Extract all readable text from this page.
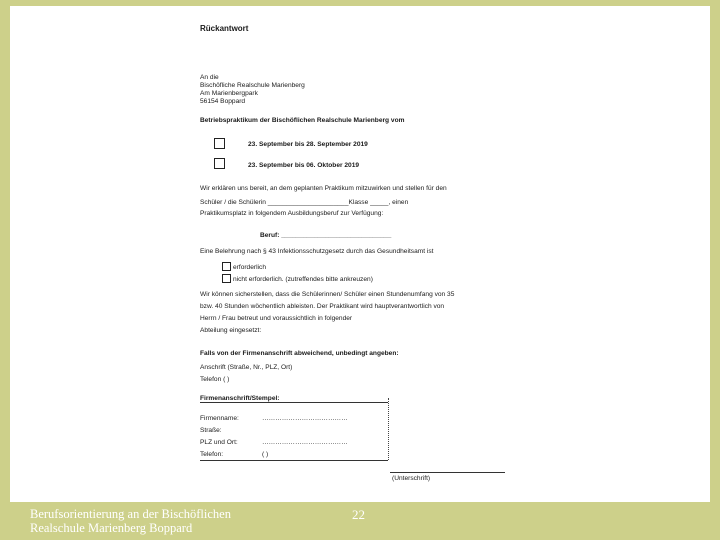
Rückantwort
An die
Bischöfliche Realschule Marienberg
Am Marienbergpark
56154 Boppard
Betriebspraktikum der Bischöflichen Realschule Marienberg vom
23. September bis 28. September 2019
23. September bis 06. Oktober 2019
Wir erklären uns bereit, an dem geplanten Praktikum mitzuwirken und stellen für den
Schüler / die Schülerin ______________________Klasse _____, einen
Praktikumsplatz in folgendem Ausbildungsberuf zur Verfügung:
Beruf: ______________________________
Eine Belehrung nach § 43 Infektionsschutzgesetz durch das Gesundheitsamt ist
erforderlich
nicht erforderlich. (zutreffendes bitte ankreuzen)
Wir können sicherstellen, dass die Schülerinnen/ Schüler einen Stundenumfang von 35
bzw. 40 Stunden wöchentlich ableisten. Der Praktikant wird hauptverantwortlich von
Herrn / Frau betreut und voraussichtlich in folgender
Abteilung eingesetzt:
Falls von der Firmenanschrift abweichend, unbedingt angeben:
Anschrift (Straße, Nr., PLZ, Ort)
Telefon ( )
Firmenanschrift/Stempel:
Firmenname:	…………………………………
Straße:
PLZ und Ort:	…………………………………
Telefon:	( )
(Unterschrift)
Berufsorientierung an der Bischöflichen Realschule Marienberg Boppard
22
